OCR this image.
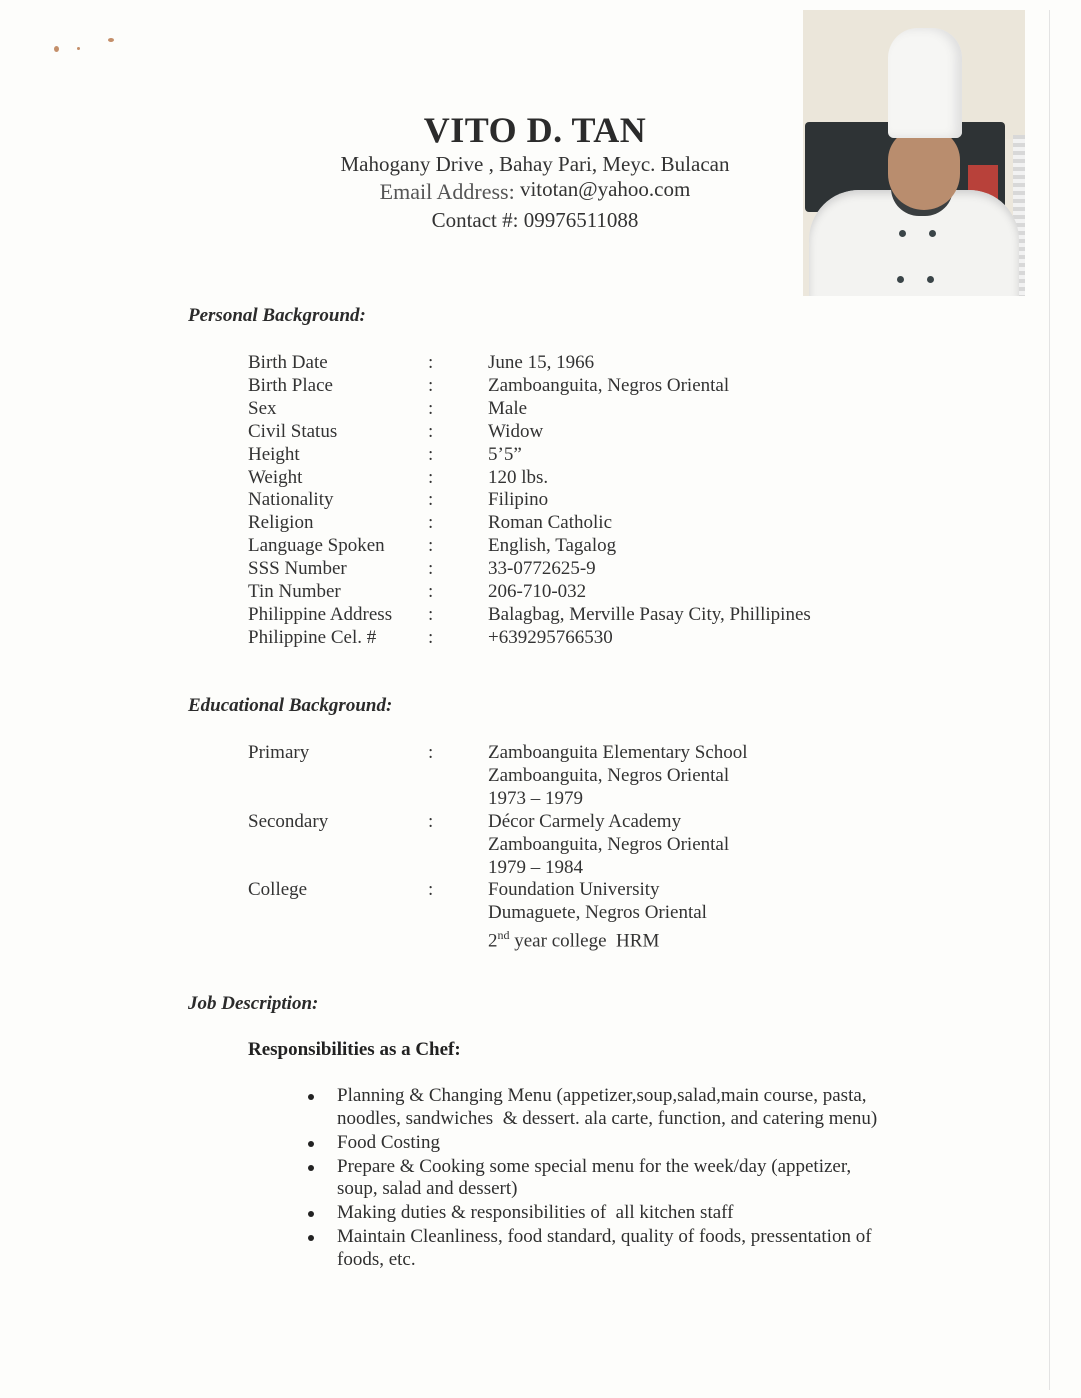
VITO D. TAN
Mahogany Drive , Bahay Pari, Meyc. Bulacan
Email Address: vitotan@yahoo.com
Contact #: 09976511088
Personal Background:
Birth Date	:	June 15, 1966
Birth Place	:	Zamboanguita, Negros Oriental
Sex	:	Male
Civil Status	:	Widow
Height	:	5’5”
Weight	:	120 lbs.
Nationality	:	Filipino
Religion	:	Roman Catholic
Language Spoken :	English, Tagalog
SSS Number	:	33-0772625-9
Tin Number	:	206-710-032
Philippine Address :	Balagbag, Merville Pasay City, Phillipines
Philippine Cel. #	:	+639295766530
Educational Background:
Primary	:	Zamboanguita Elementary School
Zamboanguita, Negros Oriental
1973 – 1979
Secondary	:	Décor Carmely Academy
Zamboanguita, Negros Oriental
1979 – 1984
College	:	Foundation University
Dumaguete, Negros Oriental
2nd year college  HRM
Job Description:
Responsibilities as a Chef:
Planning & Changing Menu (appetizer,soup,salad,main course, pasta, noodles, sandwiches  & dessert. ala carte, function, and catering menu)
Food Costing
Prepare & Cooking some special menu for the week/day (appetizer, soup, salad and dessert)
Making duties & responsibilities of  all kitchen staff
Maintain Cleanliness, food standard, quality of foods, pressentation of foods, etc.
